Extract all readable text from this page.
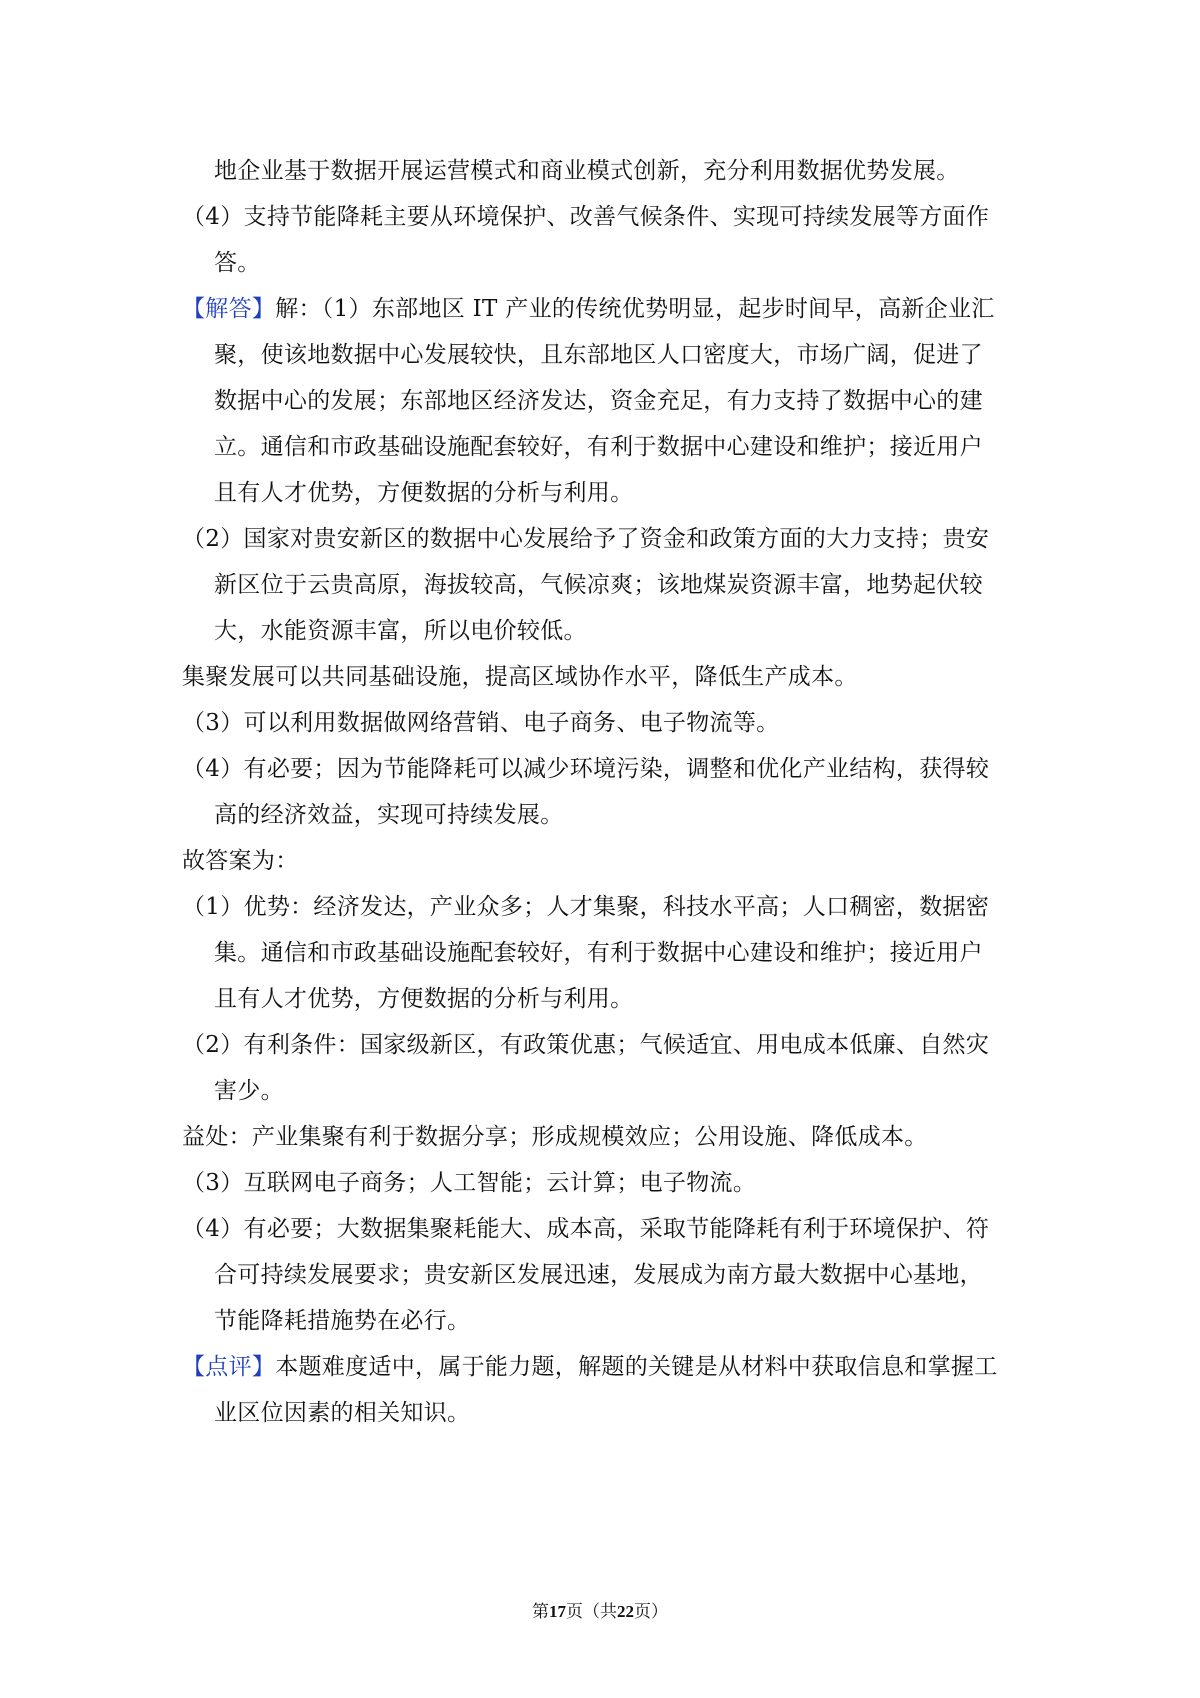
地企业基于数据开展运营模式和商业模式创新，充分利用数据优势发展。
（4）支持节能降耗主要从环境保护、改善气候条件、实现可持续发展等方面作
答。
【解答】解：（1）东部地区 IT 产业的传统优势明显，起步时间早，高新企业汇
聚，使该地数据中心发展较快，且东部地区人口密度大，市场广阔，促进了
数据中心的发展；东部地区经济发达，资金充足，有力支持了数据中心的建
立。通信和市政基础设施配套较好，有利于数据中心建设和维护；接近用户
且有人才优势，方便数据的分析与利用。
（2）国家对贵安新区的数据中心发展给予了资金和政策方面的大力支持；贵安
新区位于云贵高原，海拔较高，气候凉爽；该地煤炭资源丰富，地势起伏较
大，水能资源丰富，所以电价较低。
集聚发展可以共同基础设施，提高区域协作水平，降低生产成本。
（3）可以利用数据做网络营销、电子商务、电子物流等。
（4）有必要；因为节能降耗可以减少环境污染，调整和优化产业结构，获得较
高的经济效益，实现可持续发展。
故答案为：
（1）优势：经济发达，产业众多；人才集聚，科技水平高；人口稠密，数据密
集。通信和市政基础设施配套较好，有利于数据中心建设和维护；接近用户
且有人才优势，方便数据的分析与利用。
（2）有利条件：国家级新区，有政策优惠；气候适宜、用电成本低廉、自然灾
害少。
益处：产业集聚有利于数据分享；形成规模效应；公用设施、降低成本。
（3）互联网电子商务；人工智能；云计算；电子物流。
（4）有必要；大数据集聚耗能大、成本高，采取节能降耗有利于环境保护、符
合可持续发展要求；贵安新区发展迅速，发展成为南方最大数据中心基地，
节能降耗措施势在必行。
【点评】本题难度适中，属于能力题，解题的关键是从材料中获取信息和掌握工
业区位因素的相关知识。
第17页（共22页）
